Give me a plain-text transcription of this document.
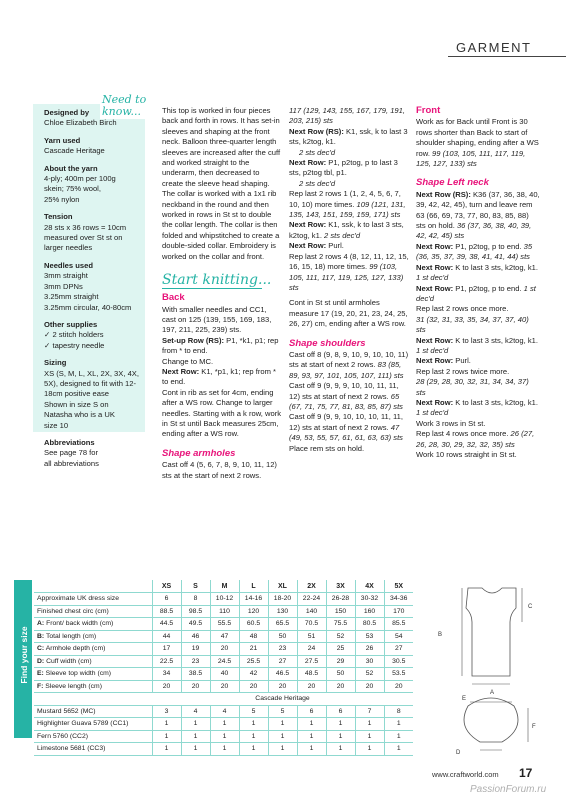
GARMENT
Need to know...
Designed by
Chloe Elizabeth Birch
Yarn used
Cascade Heritage
About the yarn
4-ply; 400m per 100g
skein; 75% wool,
25% nylon
Tension
28 sts x 36 rows = 10cm
measured over St st on
larger needles
Needles used
3mm straight
3mm DPNs
3.25mm straight
3.25mm circular, 40-80cm
Other supplies
✓ 2 stitch holders
✓ tapestry needle
Sizing
XS (S, M, L, XL, 2X, 3X, 4X,
5X), designed to fit with 12-
18cm positive ease
Shown in size S on
Natasha who is a UK
size 10
Abbreviations
See page 78 for
all abbreviations

This top is worked in four pieces back and forth in rows. It has set-in sleeves and shaping at the front neck. Balloon three-quarter length sleeves are increased after the cuff and worked straight to the underarm, then decreased to create the sleeve head shaping. The collar is worked with a 1x1 rib neckband in the round and then worked in rows in St st to double the collar length. The collar is then folded and whipstitched to create a double-sided collar. Embroidery is worked on the collar and front.

Start knitting...
Back

With smaller needles and CC1, cast on 125 (139, 155, 169, 183, 197, 211, 225, 239) sts.

Set-up Row (RS): P1, *k1, p1; rep from * to end.

Change to MC.

Next Row: K1, *p1, k1; rep from * to end.

Cont in rib as set for 4cm, ending after a WS row. Change to larger needles. Starting with a k row, work in St st until Back measures 25cm, ending after a WS row.

Shape armholes

Cast off 4 (5, 6, 7, 8, 9, 10, 11, 12) sts at the start of next 2 rows.

117 (129, 143, 155, 167, 179, 191, 203, 215) sts

Next Row (RS): K1, ssk, k to last 3 sts, k2tog, k1.

2 sts dec'd

Next Row: P1, p2tog, p to last 3 sts, p2tog tbl, p1.

2 sts dec'd

Rep last 2 rows 1 (1, 2, 4, 5, 6, 7, 10, 10) more times. 109 (121, 131, 135, 143, 151, 159, 159, 171) sts

Next Row: K1, ssk, k to last 3 sts, k2tog, k1. 2 sts dec'd

Next Row: Purl.

Rep last 2 rows 4 (8, 12, 11, 12, 15, 16, 15, 18) more times. 99 (103, 105, 111, 117, 119, 125, 127, 133) sts

Cont in St st until armholes measure 17 (19, 20, 21, 23, 24, 25, 26, 27) cm, ending after a WS row.

Shape shoulders

Cast off 8 (9, 8, 9, 10, 9, 10, 10, 11) sts at start of next 2 rows. 83 (85, 89, 93, 97, 101, 105, 107, 111) sts

Cast off 9 (9, 9, 9, 10, 10, 11, 11, 12) sts at start of next 2 rows. 65 (67, 71, 75, 77, 81, 83, 85, 87) sts

Cast off 9 (9, 9, 10, 10, 10, 11, 11, 12) sts at start of next 2 rows. 47 (49, 53, 55, 57, 61, 61, 63, 63) sts

Place rem sts on hold.

Front

Work as for Back until Front is 30 rows shorter than Back to start of shoulder shaping, ending after a WS row. 99 (103, 105, 111, 117, 119, 125, 127, 133) sts

Shape Left neck

Next Row (RS): K36 (37, 36, 38, 40, 39, 42, 42, 45), turn and leave rem 63 (66, 69, 73, 77, 80, 83, 85, 88) sts on hold. 36 (37, 36, 38, 40, 39, 42, 42, 45) sts

Next Row: P1, p2tog, p to end. 35 (36, 35, 37, 39, 38, 41, 41, 44) sts

Next Row: K to last 3 sts, k2tog, k1. 1 st dec'd

Next Row: P1, p2tog, p to end. 1 st dec'd

Rep last 2 rows once more.

31 (32, 31, 33, 35, 34, 37, 37, 40) sts

Next Row: K to last 3 sts, k2tog, k1. 1 st dec'd

Next Row: Purl.

Rep last 2 rows twice more.

28 (29, 28, 30, 32, 31, 34, 34, 37) sts

Next Row: K to last 3 sts, k2tog, k1. 1 st dec'd

Work 3 rows in St st.

Rep last 4 rows once more. 26 (27, 26, 28, 30, 29, 32, 32, 35) sts

Work 10 rows straight in St st.

Find your size
	XS	S	M	L	XL	2X	3X	4X	5X
Approximate UK dress size	6	8	10-12	14-16	18-20	22-24	26-28	30-32	34-36
Finished chest circ (cm)	88.5	98.5	110	120	130	140	150	160	170
A: Front/ back width (cm)	44.5	49.5	55.5	60.5	65.5	70.5	75.5	80.5	85.5
B: Total length (cm)	44	46	47	48	50	51	52	53	54
C: Armhole depth (cm)	17	19	20	21	23	24	25	26	27
D: Cuff width (cm)	22.5	23	24.5	25.5	27	27.5	29	30	30.5
E: Sleeve top width (cm)	34	38.5	40	42	46.5	48.5	50	52	53.5
F: Sleeve length (cm)	20	20	20	20	20	20	20	20	20
	Cascade Heritage								
Mustard 5652 (MC)	3	4	4	5	5	6	6	7	8
Highlighter Guava 5789 (CC1)	1	1	1	1	1	1	1	1	1
Fern 5760 (CC2)	1	1	1	1	1	1	1	1	1
Limestone 5681 (CC3)	1	1	1	1	1	1	1	1	1
B
C
A
E
F
D
www.craftworld.com 17
PassionForum.ru
